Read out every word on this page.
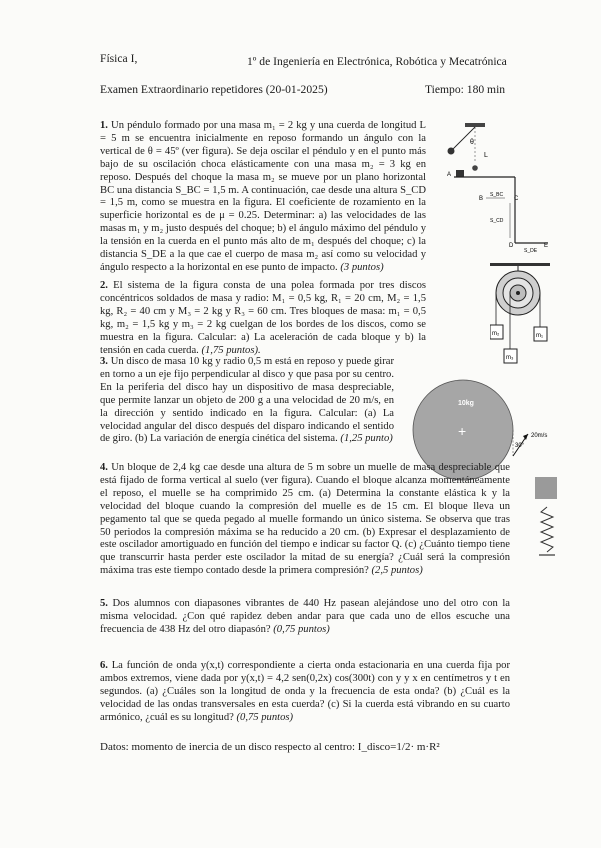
Física I,	1º de Ingeniería en Electrónica, Robótica y Mecatrónica
Examen Extraordinario repetidores (20-01-2025)	Tiempo: 180 min

1. Un péndulo formado por una masa m₁ = 2 kg y una cuerda de longitud L = 5 m se encuentra inicialmente en reposo formando un ángulo con la vertical de θ = 45º (ver figura). Se deja oscilar el péndulo y en el punto más bajo de su oscilación choca elásticamente con una masa m₂ = 3 kg en reposo. Después del choque la masa m₂ se mueve por un plano horizontal BC una distancia S_BC = 1,5 m. A continuación, cae desde una altura S_CD = 1,5 m, como se muestra en la figura. El coeficiente de rozamiento en la superficie horizontal es de μ = 0.25. Determinar: a) las velocidades de las masas m₁ y m₂ justo después del choque; b) el ángulo máximo del péndulo y la tensión en la cuerda en el punto más alto de m₁ después del choque; c) la distancia S_DE a la que cae el cuerpo de masa m₂ así como su velocidad y ángulo respecto a la horizontal en ese punto de impacto. (3 puntos)

θ
L
A
B
S_BC
C
S_CD
D
S_DE
E

2. El sistema de la figura consta de una polea formada por tres discos concéntricos soldados de masa y radio: M₁ = 0,5 kg, R₁ = 20 cm, M₂ = 1,5 kg, R₂ = 40 cm y M₃ = 2 kg y R₃ = 60 cm. Tres bloques de masa: m₁ = 0,5 kg, m₂ = 1,5 kg y m₃ = 2 kg cuelgan de los bordes de los discos, como se muestra en la figura. Calcular: a) La aceleración de cada bloque y b) la tensión en cada cuerda. (1,75 puntos).

m₂
m₃
m₁

3. Un disco de masa 10 kg y radio 0,5 m está en reposo y puede girar en torno a un eje fijo perpendicular al disco y que pasa por su centro. En la periferia del disco hay un dispositivo de masa despreciable, que permite lanzar un objeto de 200 g a una velocidad de 20 m/s, en la dirección y sentido indicado en la figura. Calcular: (a) La velocidad angular del disco después del disparo indicando el sentido de giro. (b) La variación de energía cinética del sistema. (1,25 punto)

10kg
+
30°
20m/s

4. Un bloque de 2,4 kg cae desde una altura de 5 m sobre un muelle de masa despreciable que está fijado de forma vertical al suelo (ver figura). Cuando el bloque alcanza momentáneamente el reposo, el muelle se ha comprimido 25 cm. (a) Determina la constante elástica k y la velocidad del bloque cuando la compresión del muelle es de 15 cm. El bloque lleva un pegamento tal que se queda pegado al muelle formando un único sistema. Se observa que tras 50 periodos la compresión máxima se ha reducido a 20 cm. (b) Expresar el desplazamiento de este oscilador amortiguado en función del tiempo e indicar su factor Q. (c) ¿Cuánto tiempo tiene que transcurrir hasta perder este oscilador la mitad de su energía? ¿Cuál será la compresión máxima tras este tiempo contado desde la primera compresión? (2,5 puntos)

5. Dos alumnos con diapasones vibrantes de 440 Hz pasean alejándose uno del otro con la misma velocidad. ¿Con qué rapidez deben andar para que cada uno de ellos escuche una frecuencia de 438 Hz del otro diapasón? (0,75 puntos)

6. La función de onda y(x,t) correspondiente a cierta onda estacionaria en una cuerda fija por ambos extremos, viene dada por y(x,t) = 4,2 sen(0,2x) cos(300t) con y y x en centímetros y t en segundos. (a) ¿Cuáles son la longitud de onda y la frecuencia de esta onda? (b) ¿Cuál es la velocidad de las ondas transversales en esta cuerda? (c) Si la cuerda está vibrando en su cuarto armónico, ¿cuál es su longitud? (0,75 puntos)

Datos: momento de inercia de un disco respecto al centro: I_disco=1/2· m·R²
